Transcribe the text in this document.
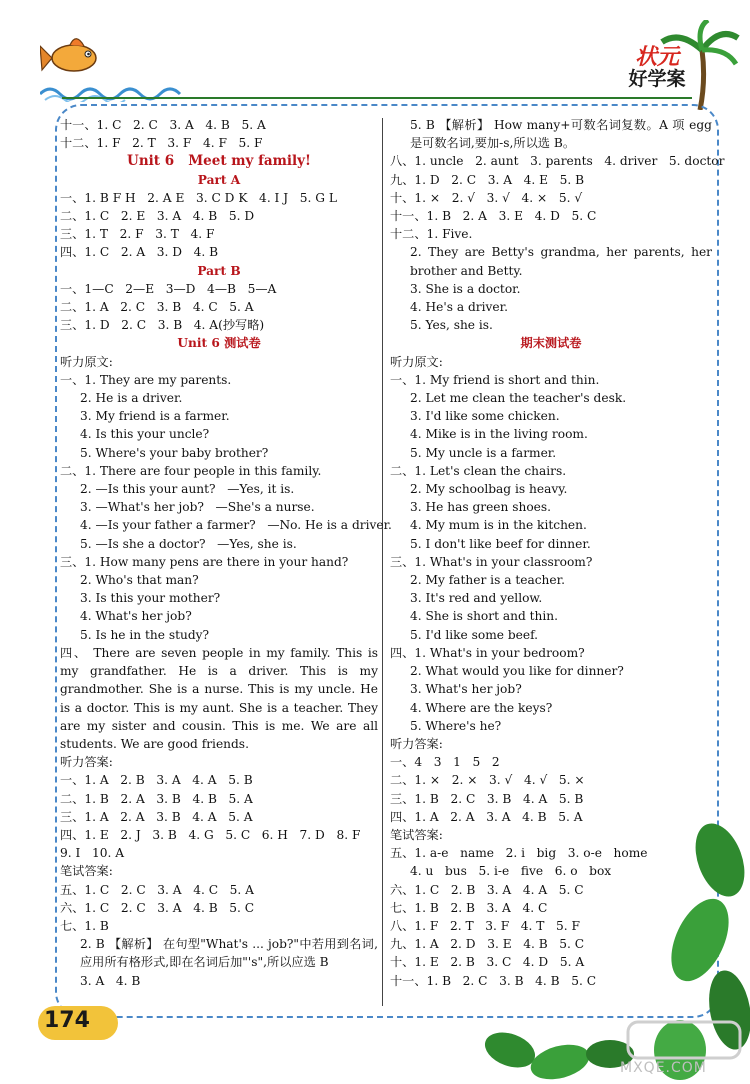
状元
好学案
十一、1. C   2. C   3. A   4. B   5. A
十二、1. F   2. T   3. F   4. F   5. F
Unit 6   Meet my family!
Part A
一、1. B F H   2. A E   3. C D K   4. I J   5. G L
二、1. C   2. E   3. A   4. B   5. D
三、1. T   2. F   3. T   4. F
四、1. C   2. A   3. D   4. B
Part B
一、1—C   2—E   3—D   4—B   5—A
二、1. A   2. C   3. B   4. C   5. A
三、1. D   2. C   3. B   4. A(抄写略)
Unit 6 测试卷
听力原文:
一、1. They are my parents.
2. He is a driver.
3. My friend is a farmer.
4. Is this your uncle?
5. Where's your baby brother?
二、1. There are four people in this family.
2. —Is this your aunt?   —Yes, it is.
3. —What's her job?   —She's a nurse.
4. —Is your father a farmer?   —No. He is a driver.
5. —Is she a doctor?   —Yes, she is.
三、1. How many pens are there in your hand?
2. Who's that man?
3. Is this your mother?
4. What's her job?
5. Is he in the study?
四、 There are seven people in my family. This is my grandfather. He is a driver. This is my grandmother. She is a nurse. This is my uncle. He is a doctor. This is my aunt. She is a teacher. They are my sister and cousin. This is me. We are all students. We are good friends.
听力答案:
一、1. A   2. B   3. A   4. A   5. B
二、1. B   2. A   3. B   4. B   5. A
三、1. A   2. A   3. B   4. A   5. A
四、1. E   2. J   3. B   4. G   5. C   6. H   7. D   8. F
9. I   10. A
笔试答案:
五、1. C   2. C   3. A   4. C   5. A
六、1. C   2. C   3. A   4. B   5. C
七、1. B
2. B 【解析】 在句型"What's ... job?"中若用到名词,应用所有格形式,即在名词后加"'s",所以应选 B
3. A   4. B
5. B 【解析】 How many+可数名词复数。A 项 egg 是可数名词,要加-s,所以选 B。
八、1. uncle   2. aunt   3. parents   4. driver   5. doctor
九、1. D   2. C   3. A   4. E   5. B
十、1. ×   2. √   3. √   4. ×   5. √
十一、1. B   2. A   3. E   4. D   5. C
十二、1. Five.
2. They are Betty's grandma, her parents, her brother and Betty.
3. She is a doctor.
4. He's a driver.
5. Yes, she is.
期末测试卷
听力原文:
一、1. My friend is short and thin.
2. Let me clean the teacher's desk.
3. I'd like some chicken.
4. Mike is in the living room.
5. My uncle is a farmer.
二、1. Let's clean the chairs.
2. My schoolbag is heavy.
3. He has green shoes.
4. My mum is in the kitchen.
5. I don't like beef for dinner.
三、1. What's in your classroom?
2. My father is a teacher.
3. It's red and yellow.
4. She is short and thin.
5. I'd like some beef.
四、1. What's in your bedroom?
2. What would you like for dinner?
3. What's her job?
4. Where are the keys?
5. Where's he?
听力答案:
一、4   3   1   5   2
二、1. ×   2. ×   3. √   4. √   5. ×
三、1. B   2. C   3. B   4. A   5. B
四、1. A   2. A   3. A   4. B   5. A
笔试答案:
五、1. a-e   name   2. i   big   3. o-e   home
4. u   bus   5. i-e   five   6. o   box
六、1. C   2. B   3. A   4. A   5. C
七、1. B   2. B   3. A   4. C
八、1. F   2. T   3. F   4. T   5. F
九、1. A   2. D   3. E   4. B   5. C
十、1. E   2. B   3. C   4. D   5. A
十一、1. B   2. C   3. B   4. B   5. C
174
MXQE.COM
